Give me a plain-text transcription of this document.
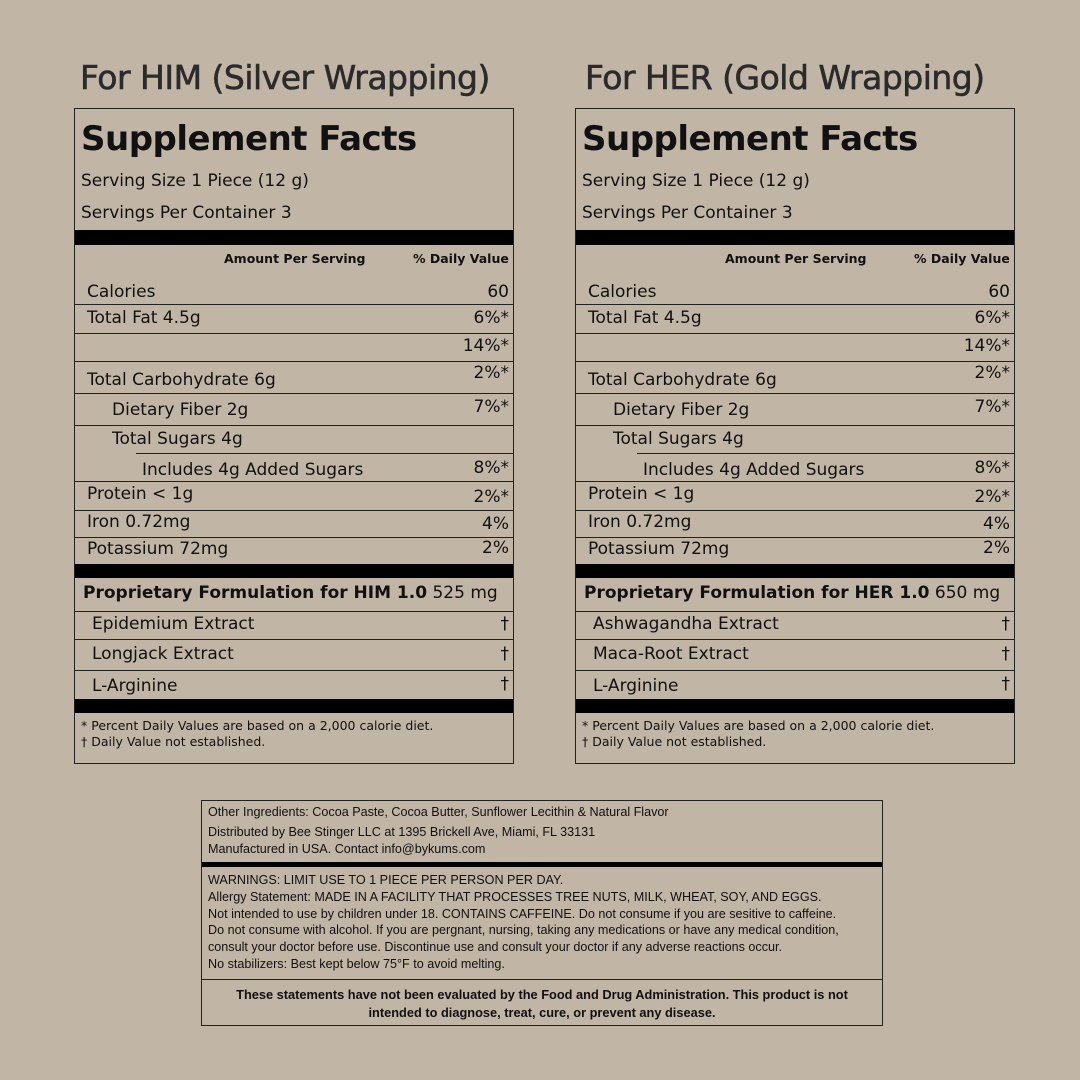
For HIM (Silver Wrapping)	For HER (Gold Wrapping)
Supplement Facts
Serving Size 1 Piece (12 g)
Servings Per Container 3
Amount Per Serving	% Daily Value
Calories	60
Total Fat 4.5g	6%*
14%*
Total Carbohydrate 6g	2%*
Dietary Fiber 2g	7%*
Total Sugars 4g
Includes 4g Added Sugars	8%*
Protein < 1g	2%*
Iron 0.72mg	4%
Potassium 72mg	2%
Proprietary Formulation for HIM 1.0 525 mg
Epidemium Extract	†
Longjack Extract	†
L-Arginine	†
* Percent Daily Values are based on a 2,000 calorie diet.
† Daily Value not established.
Supplement Facts
Serving Size 1 Piece (12 g)
Servings Per Container 3
Amount Per Serving	% Daily Value
Calories	60
Total Fat 4.5g	6%*
14%*
Total Carbohydrate 6g	2%*
Dietary Fiber 2g	7%*
Total Sugars 4g
Includes 4g Added Sugars	8%*
Protein < 1g	2%*
Iron 0.72mg	4%
Potassium 72mg	2%
Proprietary Formulation for HER 1.0 650 mg
Ashwagandha Extract	†
Maca-Root Extract	†
L-Arginine	†
* Percent Daily Values are based on a 2,000 calorie diet.
† Daily Value not established.
Other Ingredients: Cocoa Paste, Cocoa Butter, Sunflower Lecithin & Natural Flavor
Distributed by Bee Stinger LLC at 1395 Brickell Ave, Miami, FL 33131
Manufactured in USA. Contact info@bykums.com
WARNINGS: LIMIT USE TO 1 PIECE PER PERSON PER DAY.
Allergy Statement: MADE IN A FACILITY THAT PROCESSES TREE NUTS, MILK, WHEAT, SOY, AND EGGS.
Not intended to use by children under 18. CONTAINS CAFFEINE. Do not consume if you are sesitive to caffeine.
Do not consume with alcohol. If you are pergnant, nursing, taking any medications or have any medical condition,
consult your doctor before use. Discontinue use and consult your doctor if any adverse reactions occur.
No stabilizers: Best kept below 75°F to avoid melting.
These statements have not been evaluated by the Food and Drug Administration. This product is not
intended to diagnose, treat, cure, or prevent any disease.
